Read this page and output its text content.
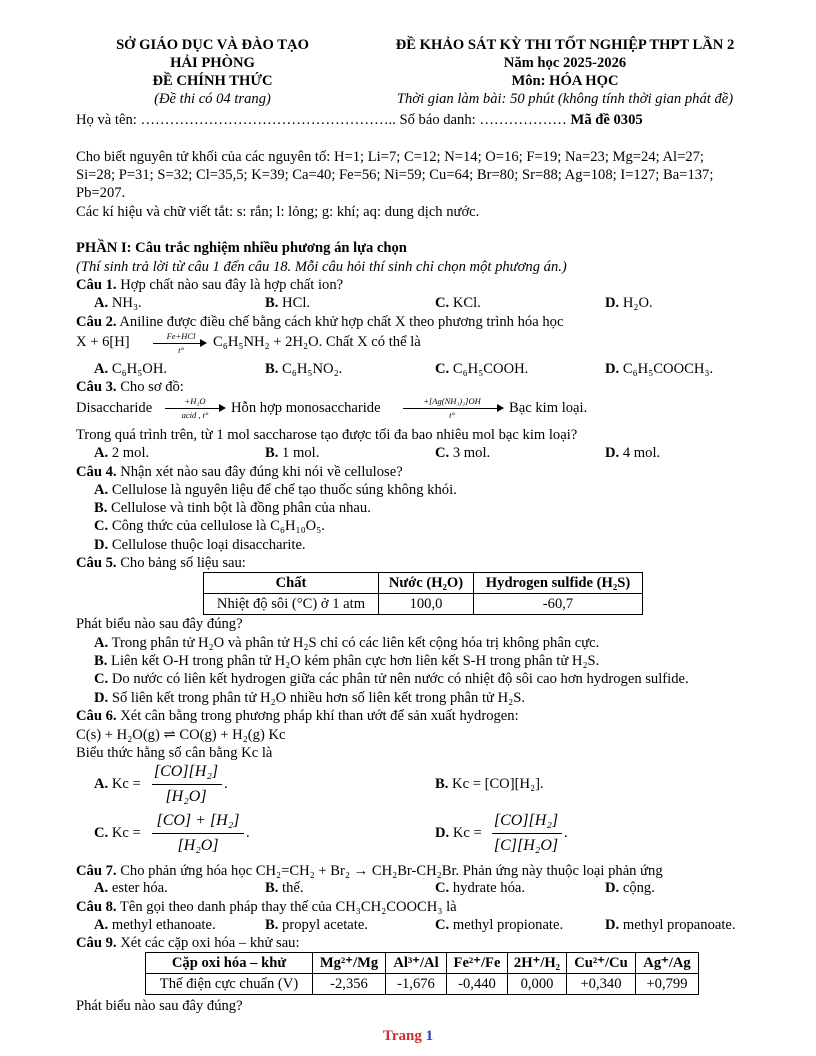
SỞ GIÁO DỤC VÀ ĐÀO TẠO
HẢI PHÒNG
ĐỀ CHÍNH THỨC
(Đề thi có 04 trang)
ĐỀ KHẢO SÁT KỲ THI TỐT NGHIỆP THPT LẦN 2
Năm học 2025-2026
Môn: HÓA HỌC
Thời gian làm bài: 50 phút (không tính thời gian phát đề)
Họ và tên: …………………………………………….. Số báo danh: ……………… Mã đề 0305
Cho biết nguyên tử khối của các nguyên tố: H=1; Li=7; C=12; N=14; O=16; F=19; Na=23; Mg=24; Al=27;
Si=28; P=31; S=32; Cl=35,5; K=39; Ca=40; Fe=56; Ni=59; Cu=64; Br=80; Sr=88; Ag=108; I=127; Ba=137;
Pb=207.
Các kí hiệu và chữ viết tắt: s: rắn; l: lỏng; g: khí; aq: dung dịch nước.
PHẦN I: Câu trắc nghiệm nhiều phương án lựa chọn
(Thí sinh trả lời từ câu 1 đến câu 18. Mỗi câu hỏi thí sinh chỉ chọn một phương án.)
Câu 1. Hợp chất nào sau đây là hợp chất ion?
A. NH₃.	B. HCl.	C. KCl.	D. H₂O.
Câu 2. Aniline được điều chế bằng cách khử hợp chất X theo phương trình hóa học
X + 6[H]	Fe+HCl
t°	C₆H₅NH₂ + 2H₂O. Chất X có thể là
A. C₆H₅OH.	B. C₆H₅NO₂.	C. C₆H₅COOH.	D. C₆H₅COOCH₃.
Câu 3. Cho sơ đồ:
Disaccharide	+H₂O
acid , t°	Hỗn hợp monosaccharide	+[Ag(NH₃)₂]OH
t°	Bạc kim loại.
Trong quá trình trên, từ 1 mol saccharose tạo được tối đa bao nhiêu mol bạc kim loại?
A. 2 mol.	B. 1 mol.	C. 3 mol.	D. 4 mol.
Câu 4. Nhận xét nào sau đây đúng khi nói về cellulose?
A. Cellulose là nguyên liệu để chế tạo thuốc súng không khói.
B. Cellulose và tinh bột là đồng phân của nhau.
C. Công thức của cellulose là C₆H₁₀O₅.
D. Cellulose thuộc loại disaccharite.
Câu 5. Cho bảng số liệu sau:
Chất	Nước (H₂O)	Hydrogen sulfide (H₂S)
Nhiệt độ sôi (°C) ở 1 atm	100,0	-60,7
Phát biểu nào sau đây đúng?
A. Trong phân tử H₂O và phân tử H₂S chỉ có các liên kết cộng hóa trị không phân cực.
B. Liên kết O-H trong phân tử H₂O kém phân cực hơn liên kết S-H trong phân tử H₂S.
C. Do nước có liên kết hydrogen giữa các phân tử nên nước có nhiệt độ sôi cao hơn hydrogen sulfide.
D. Số liên kết trong phân tử H₂O nhiều hơn số liên kết trong phân tử H₂S.
Câu 6. Xét cân bằng trong phương pháp khí than ướt để sản xuất hydrogen:
C(s) + H₂O(g) ⇌ CO(g) + H₂(g) Kc
Biểu thức hằng số cân bằng Kc là
A. Kc =
[CO][H₂]
[H₂O]
.	B. Kc = [CO][H₂].
C. Kc =
[CO] + [H₂]
[H₂O]
.	D. Kc =
[CO][H₂]
[C][H₂O]
.
Câu 7. Cho phản ứng hóa học CH₂=CH₂ + Br₂ → CH₂Br-CH₂Br. Phản ứng này thuộc loại phản ứng
A. ester hóa.	B. thế.	C. hydrate hóa.	D. cộng.
Câu 8. Tên gọi theo danh pháp thay thế của CH₃CH₂COOCH₃ là
A. methyl ethanoate.	B. propyl acetate.	C. methyl propionate.	D. methyl propanoate.
Câu 9. Xét các cặp oxi hóa – khử sau:
Cặp oxi hóa – khử	Mg²⁺/Mg	Al³⁺/Al	Fe²⁺/Fe	2H⁺/H₂	Cu²⁺/Cu	Ag⁺/Ag
Thế điện cực chuẩn (V)	-2,356	-1,676	-0,440	0,000	+0,340	+0,799
Phát biểu nào sau đây đúng?
Trang 1
